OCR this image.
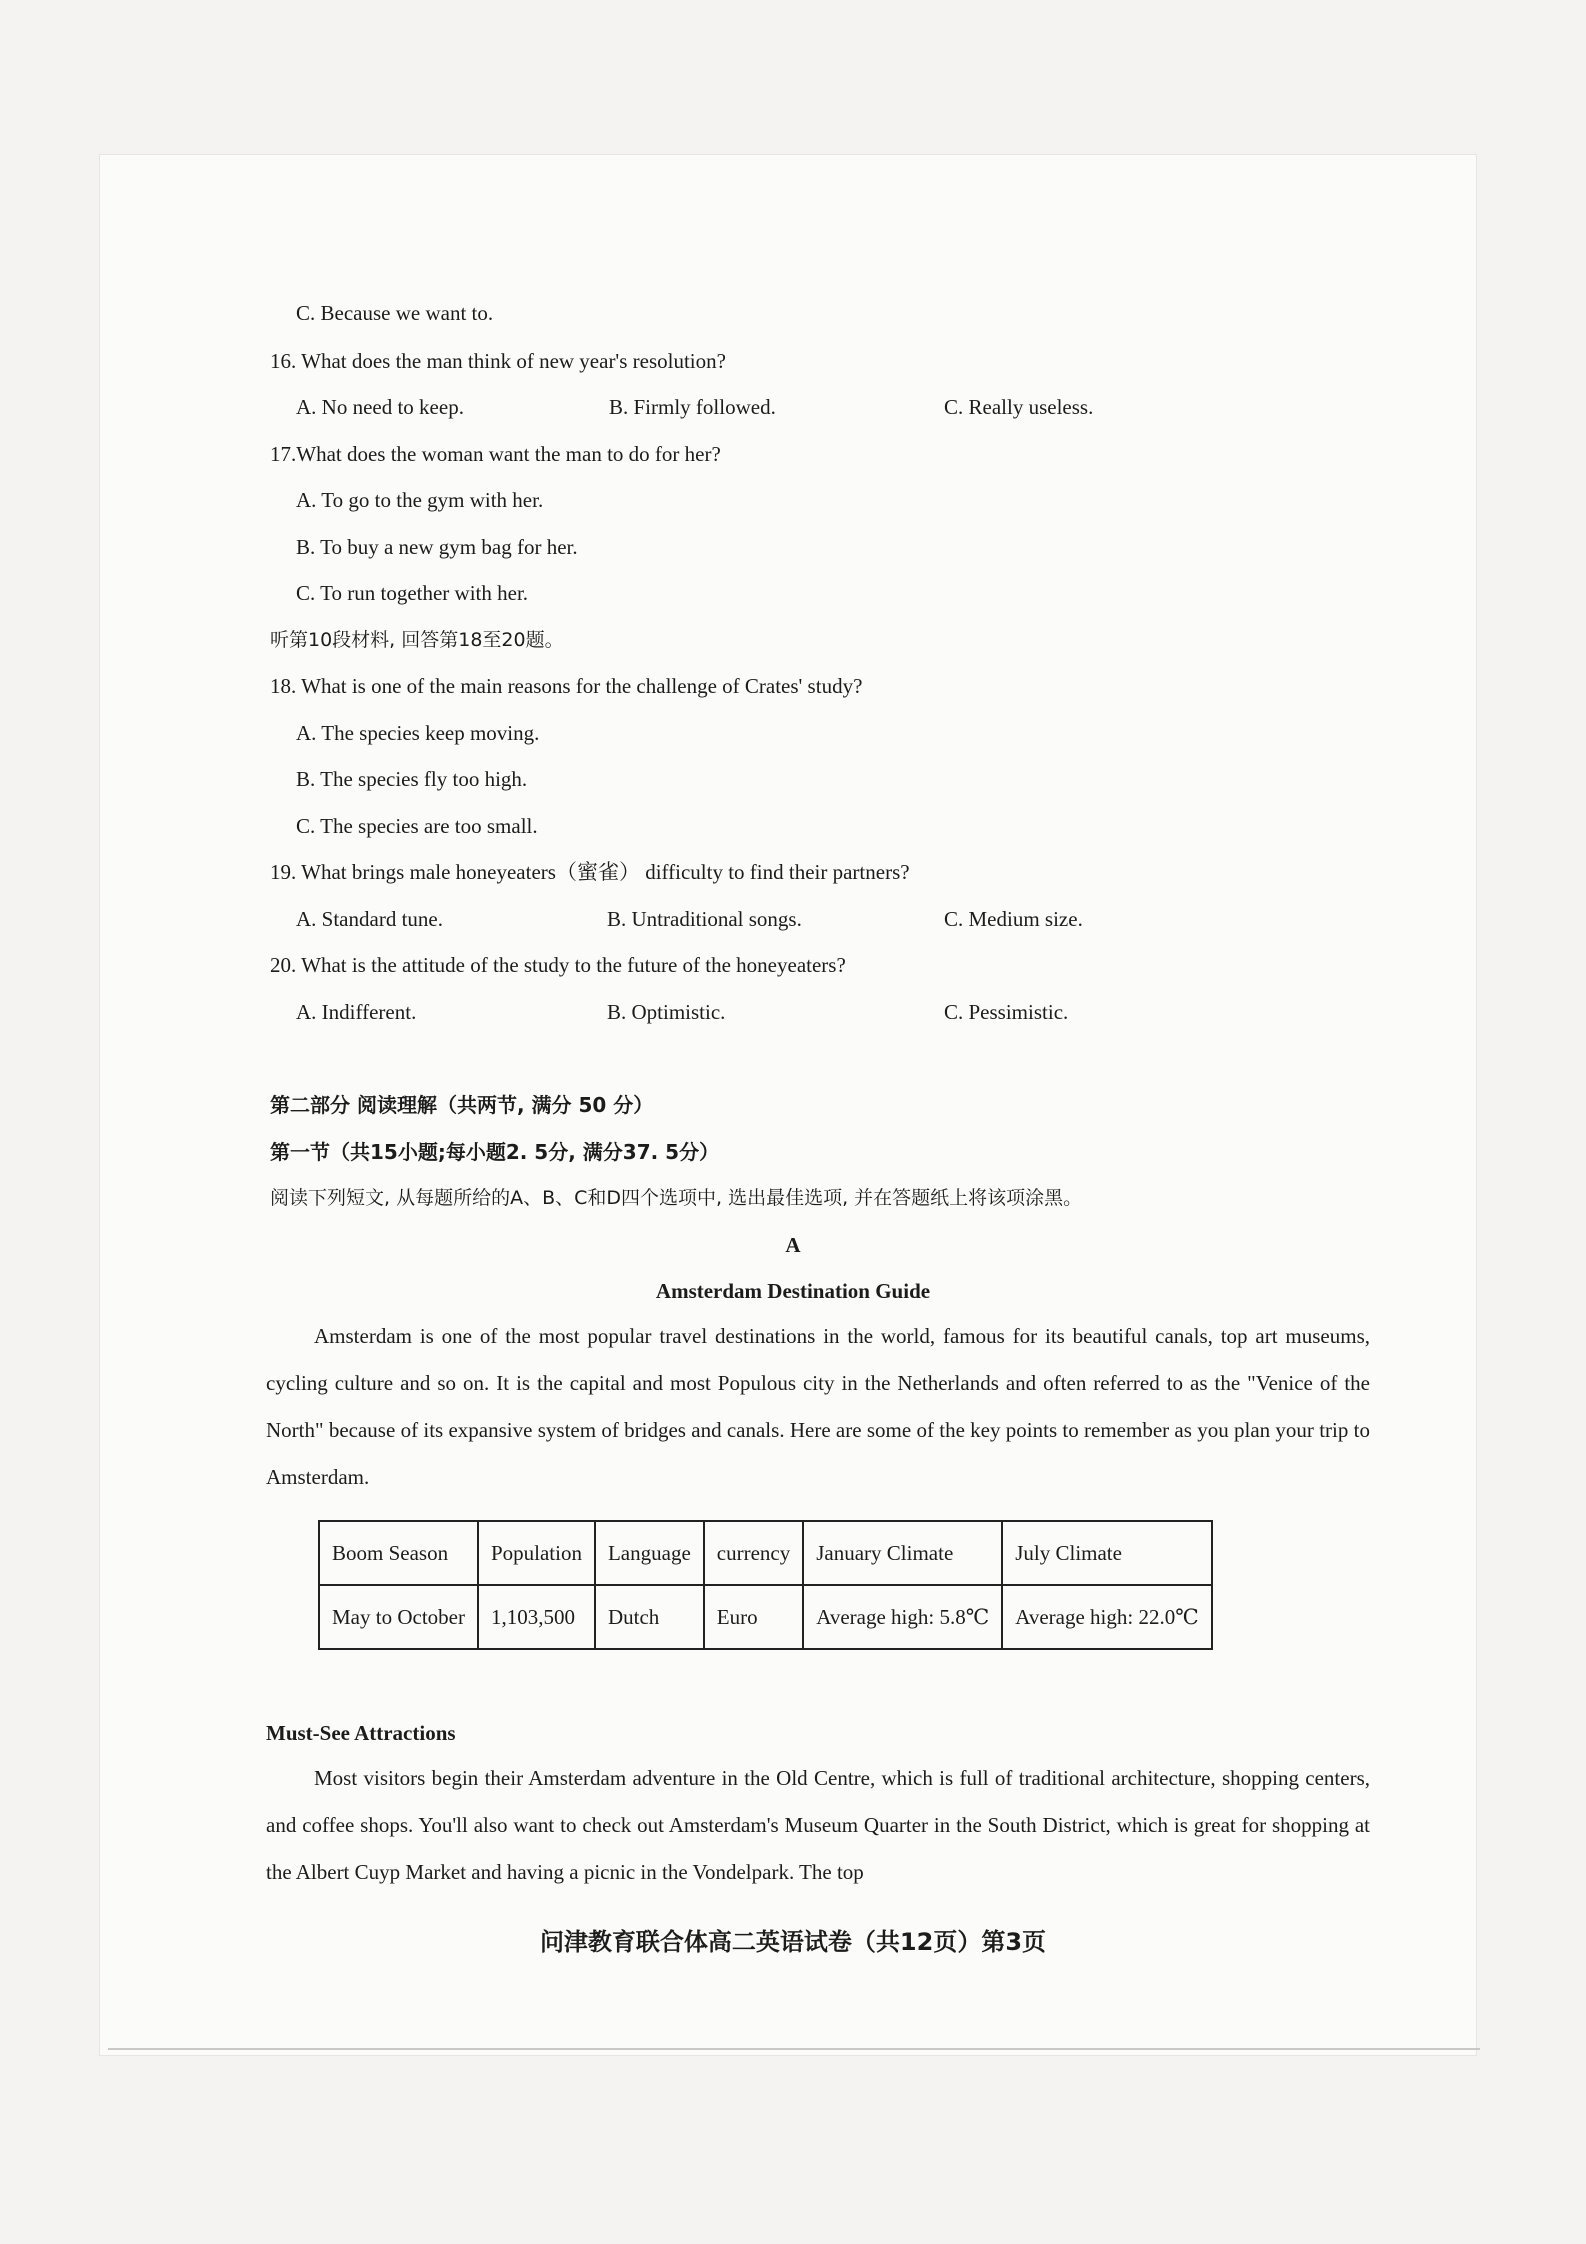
C. Because we want to.
16. What does the man think of new year's resolution?
A. No need to keep.	B. Firmly followed.	C. Really useless.
17.What does the woman want the man to do for her?
A. To go to the gym with her.
B. To buy a new gym bag for her.
C. To run together with her.
听第10段材料, 回答第18至20题。
18. What is one of the main reasons for the challenge of Crates' study?
A. The species keep moving.
B. The species fly too high.
C. The species are too small.
19. What brings male honeyeaters（蜜雀） difficulty to find their partners?
A. Standard tune.	B. Untraditional songs.	C. Medium size.
20. What is the attitude of the study to the future of the honeyeaters?
A. Indifferent.	B. Optimistic.	C. Pessimistic.
第二部分 阅读理解（共两节, 满分 50 分）
第一节（共15小题;每小题2. 5分, 满分37. 5分）
阅读下列短文, 从每题所给的A、B、C和D四个选项中, 选出最佳选项, 并在答题纸上将该项涂黑。
A
Amsterdam Destination Guide
Amsterdam is one of the most popular travel destinations in the world, famous for its beautiful canals, top art museums, cycling culture and so on. It is the capital and most Populous city in the Netherlands and often referred to as the "Venice of the North" because of its expansive system of bridges and canals. Here are some of the key points to remember as you plan your trip to Amsterdam.
Boom Season	Population	Language	currency	January Climate	July Climate
May to October	1,103,500	Dutch	Euro	Average high: 5.8℃	Average high: 22.0℃
Must-See Attractions
Most visitors begin their Amsterdam adventure in the Old Centre, which is full of traditional architecture, shopping centers, and coffee shops. You'll also want to check out Amsterdam's Museum Quarter in the South District, which is great for shopping at the Albert Cuyp Market and having a picnic in the Vondelpark. The top
问津教育联合体高二英语试卷（共12页）第3页
